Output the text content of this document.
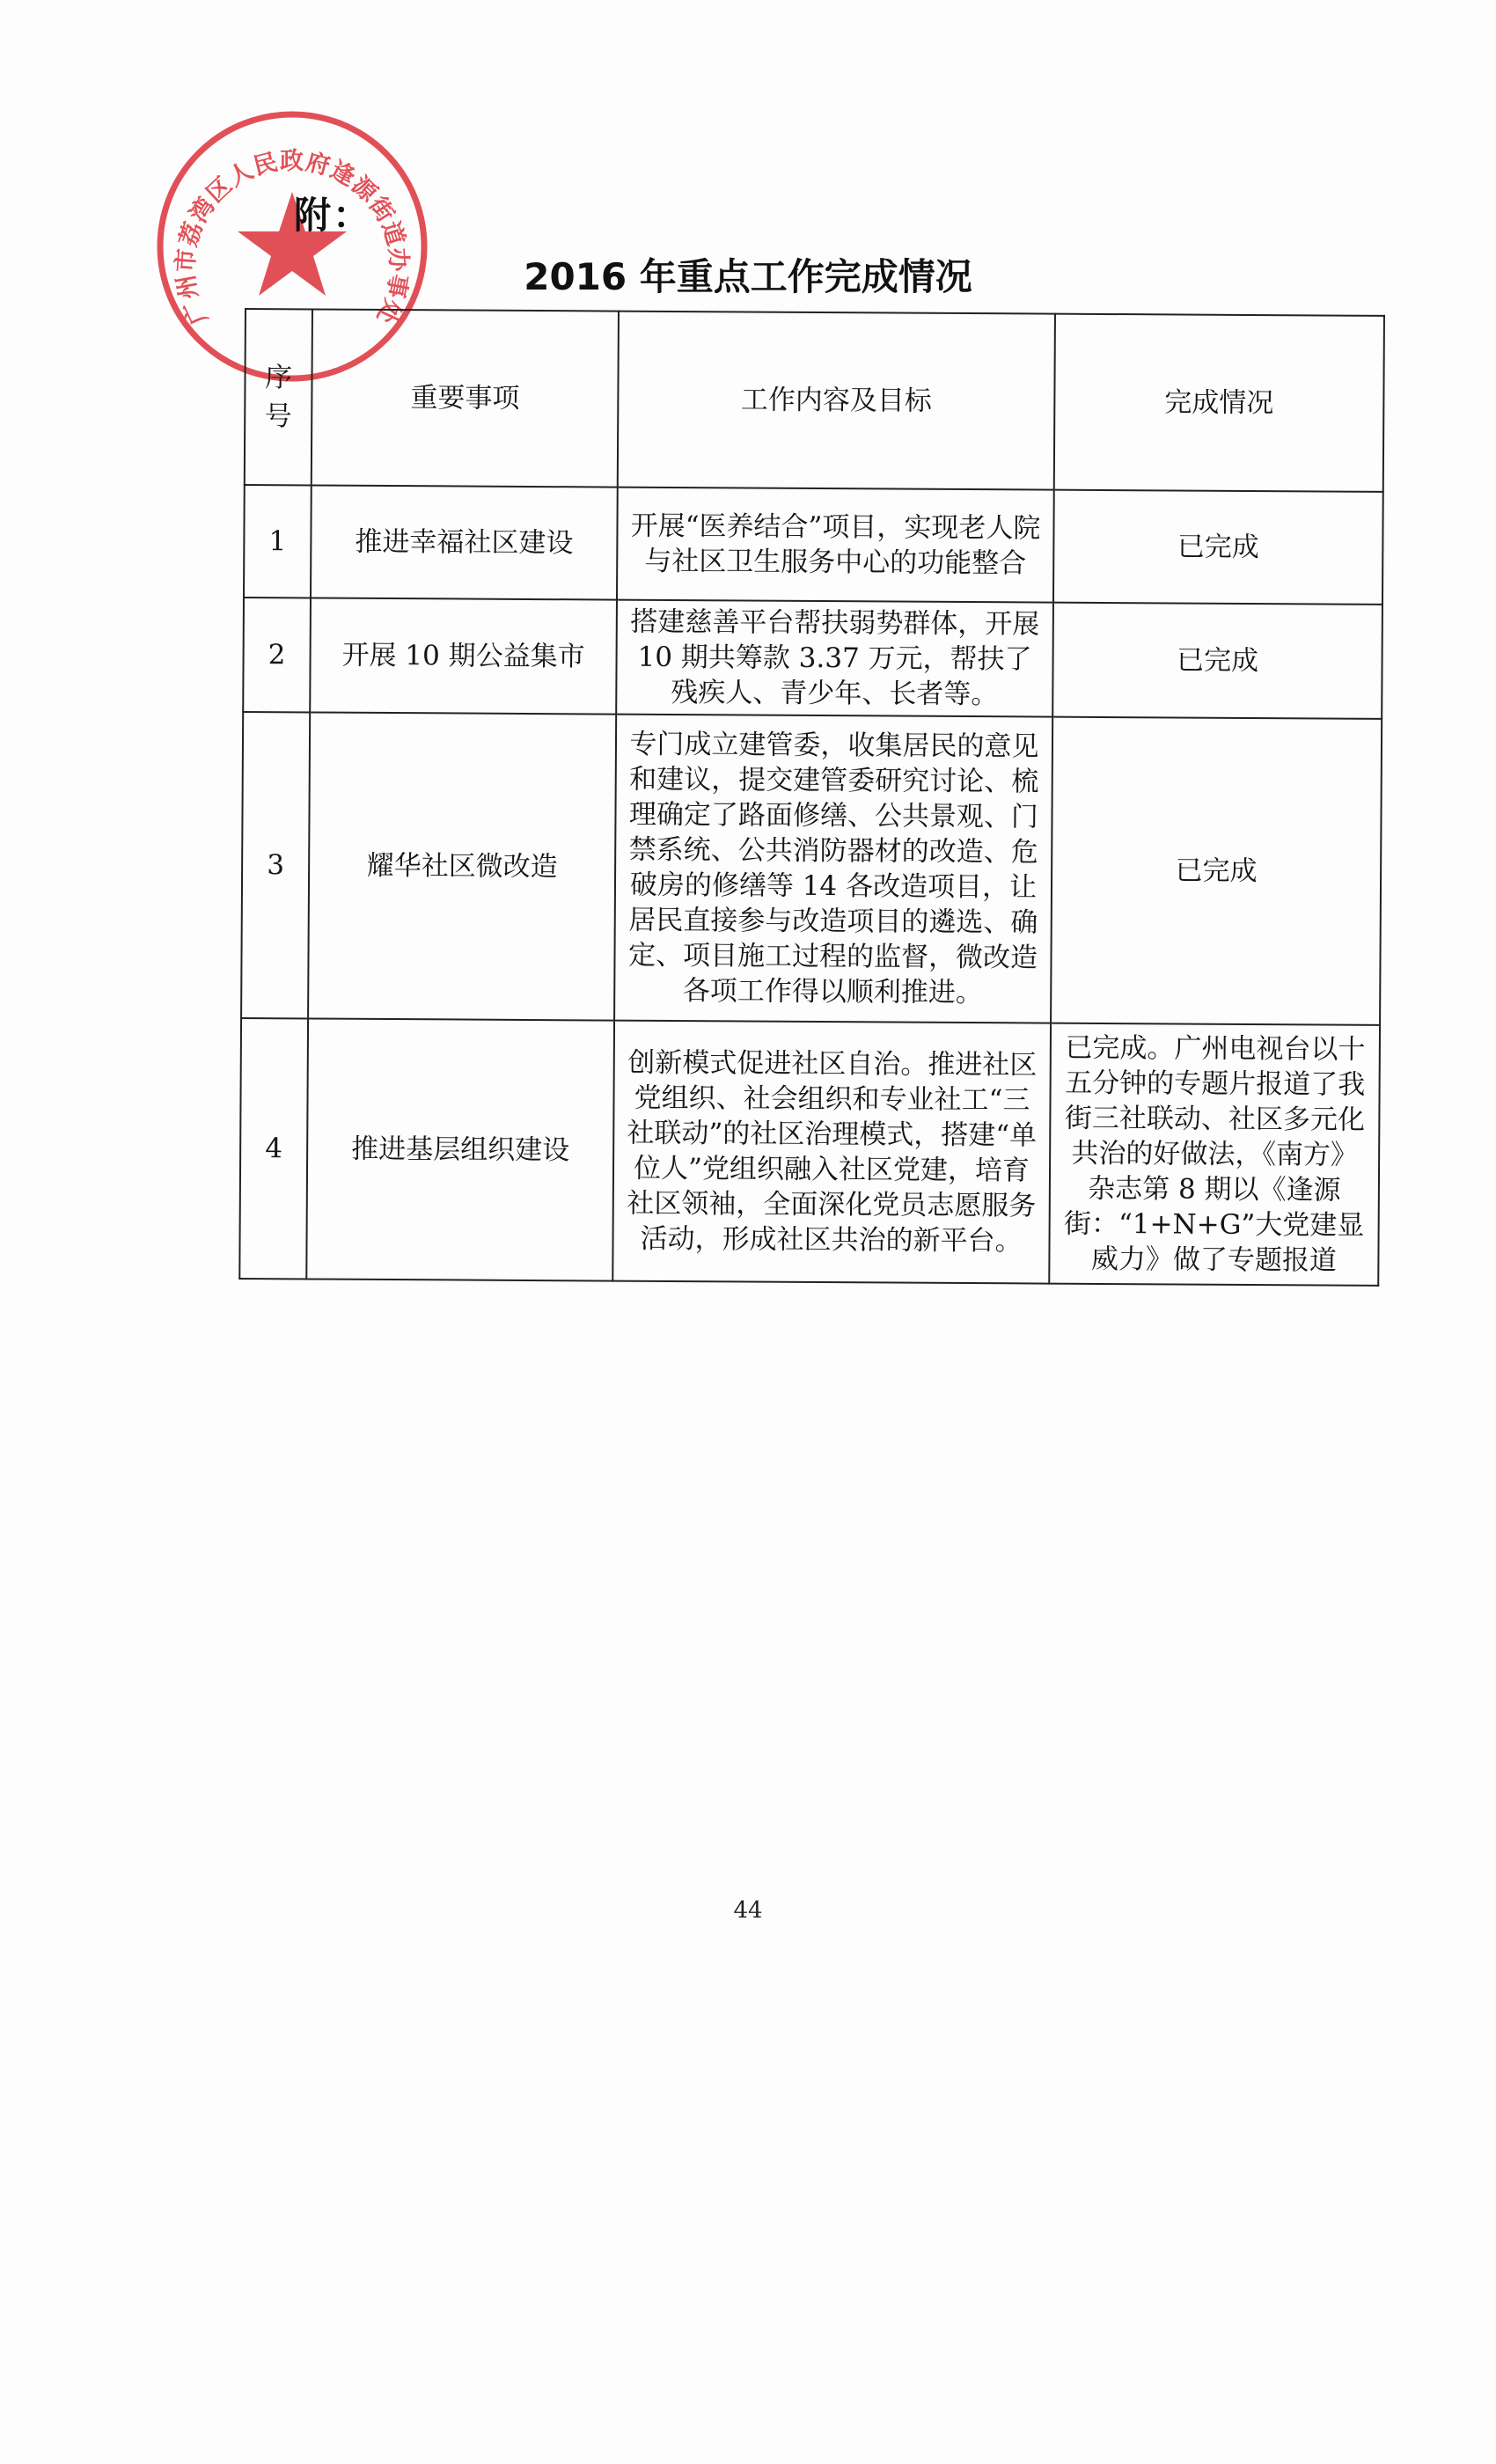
广州市荔湾区人民政府逢源街道办事处
附：
2016 年重点工作完成情况
序号	重要事项	工作内容及目标	完成情况
1	推进幸福社区建设	开展“医养结合”项目，实现老人院与社区卫生服务中心的功能整合	已完成
2	开展 10 期公益集市	搭建慈善平台帮扶弱势群体，开展 10 期共筹款 3.37 万元，帮扶了残疾人、青少年、长者等。	已完成
3	耀华社区微改造	专门成立建管委，收集居民的意见和建议，提交建管委研究讨论、梳理确定了路面修缮、公共景观、门禁系统、公共消防器材的改造、危破房的修缮等 14 各改造项目，让居民直接参与改造项目的遴选、确定、项目施工过程的监督，微改造各项工作得以顺利推进。	已完成
4	推进基层组织建设	创新模式促进社区自治。推进社区党组织、社会组织和专业社工“三社联动”的社区治理模式，搭建“单位人”党组织融入社区党建，培育社区领袖，全面深化党员志愿服务活动，形成社区共治的新平台。	已完成。广州电视台以十五分钟的专题片报道了我街三社联动、社区多元化共治的好做法，《南方》杂志第 8 期以《逢源街：“1+N+G”大党建显威力》做了专题报道
44
